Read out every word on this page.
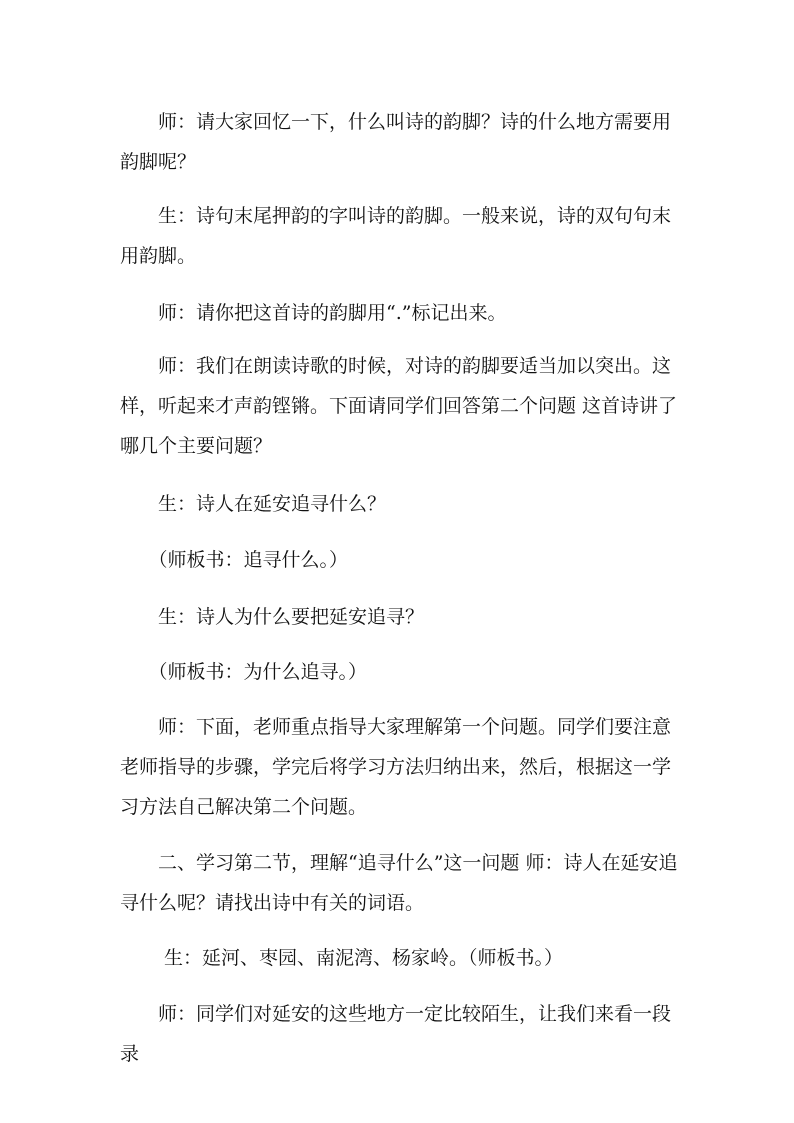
　　师：请大家回忆一下，什么叫诗的韵脚？诗的什么地方需要用韵脚呢？

　　生：诗句末尾押韵的字叫诗的韵脚。一般来说，诗的双句句末用韵脚。

　　师：请你把这首诗的韵脚用“.”标记出来。

　　师：我们在朗读诗歌的时候，对诗的韵脚要适当加以突出。这样，听起来才声韵铿锵。下面请同学们回答第二个问题 这首诗讲了哪几个主要问题？

　　生：诗人在延安追寻什么？

　　（师板书：追寻什么。）

　　生：诗人为什么要把延安追寻？

　　（师板书：为什么追寻。）

　　师：下面，老师重点指导大家理解第一个问题。同学们要注意老师指导的步骤，学完后将学习方法归纳出来，然后，根据这一学习方法自己解决第二个问题。

　　二、学习第二节，理解“追寻什么”这一问题 师：诗人在延安追寻什么呢？请找出诗中有关的词语。

　　 生：延河、枣园、南泥湾、杨家岭。（师板书。）

　　师：同学们对延安的这些地方一定比较陌生，让我们来看一段录
